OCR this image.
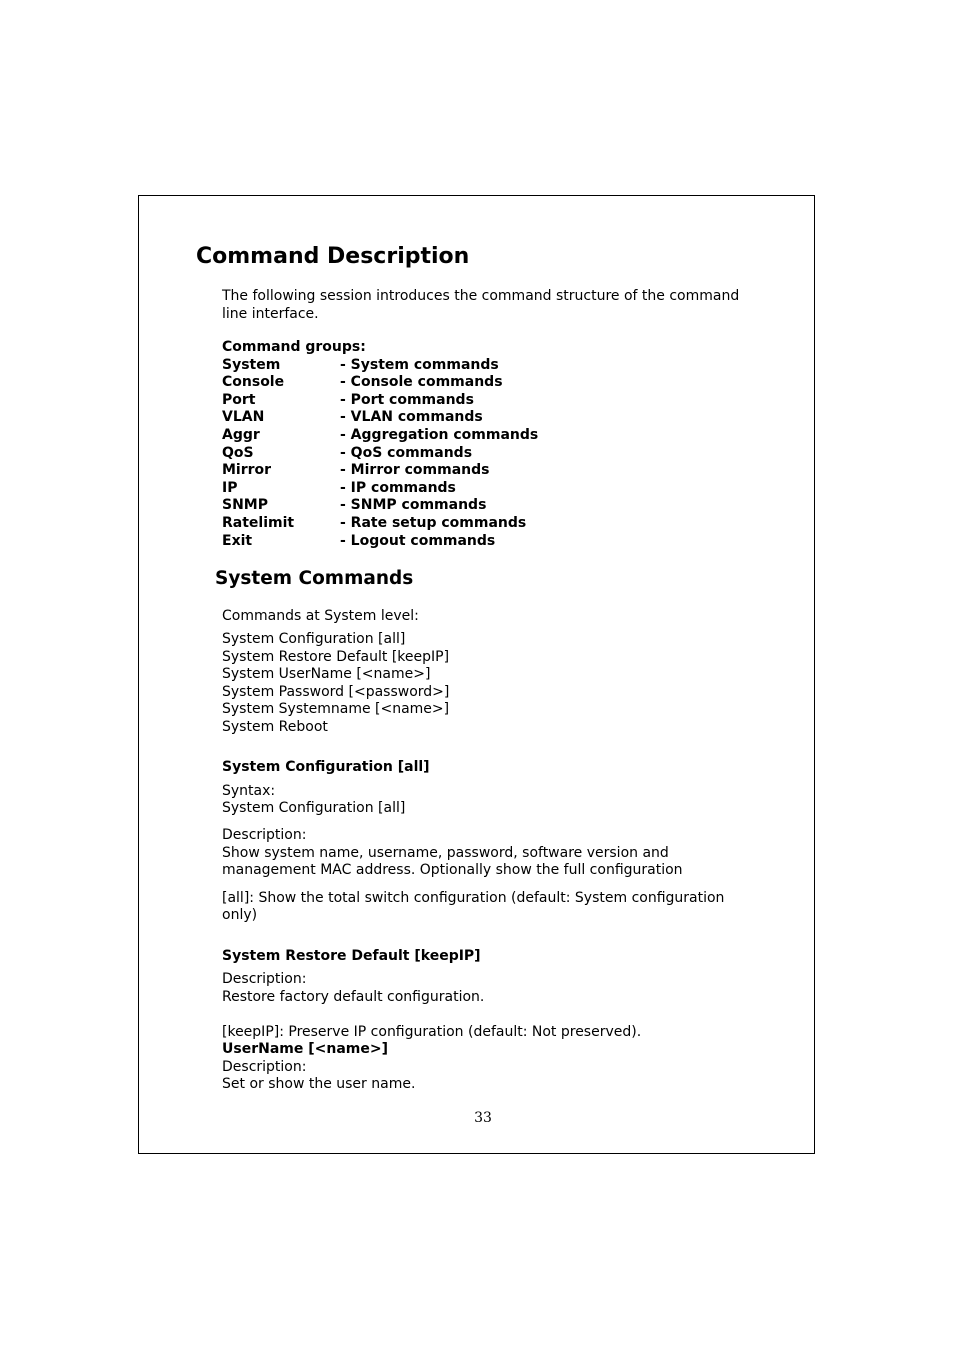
Command Description
The following session introduces the command structure of the command
line interface.
Command groups:
System	- System commands
Console	- Console commands
Port	- Port commands
VLAN	- VLAN commands
Aggr	- Aggregation commands
QoS	- QoS commands
Mirror	- Mirror commands
IP	- IP commands
SNMP	- SNMP commands
Ratelimit	- Rate setup commands
Exit	- Logout commands
System Commands
Commands at System level:
System Configuration [all]
System Restore Default [keepIP]
System UserName [<name>]
System Password [<password>]
System Systemname [<name>]
System Reboot
System Configuration [all]
Syntax:
System Configuration [all]
Description:
Show system name, username, password, software version and
management MAC address. Optionally show the full configuration
[all]: Show the total switch configuration (default: System configuration
only)
System Restore Default [keepIP]
Description:
Restore factory default configuration.
[keepIP]: Preserve IP configuration (default: Not preserved).
UserName [<name>]
Description:
Set or show the user name.
33
